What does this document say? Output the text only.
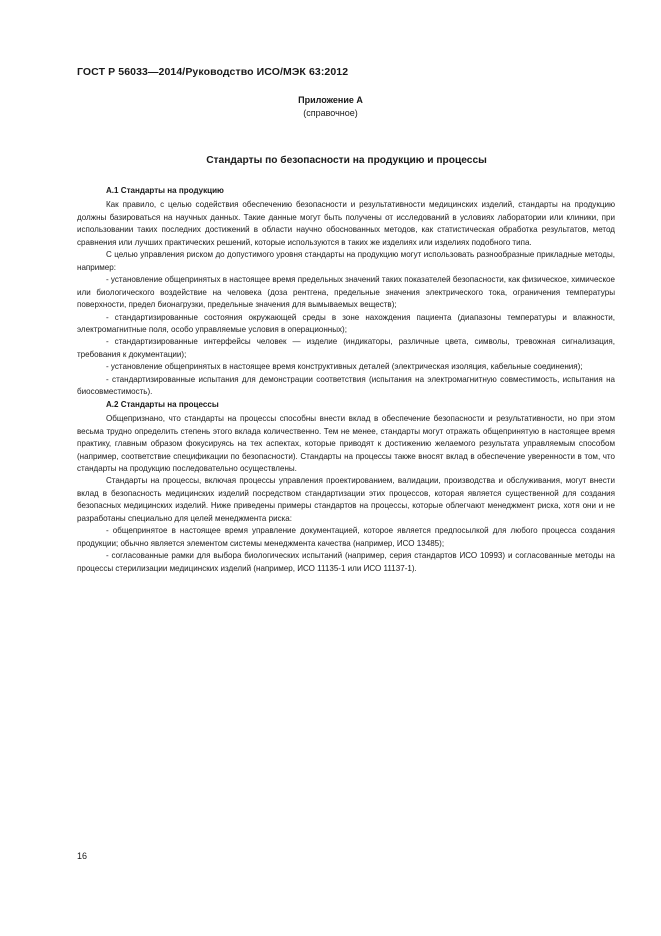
ГОСТ Р 56033—2014/Руководство ИСО/МЭК 63:2012
Приложение А
(справочное)
Стандарты по безопасности на продукцию и процессы

А.1 Стандарты на продукцию

Как правило, с целью содействия обеспечению безопасности и результативности медицинских изделий, стандарты на продукцию должны базироваться на научных данных. Такие данные могут быть получены от исследований в условиях лаборатории или клиники, при использовании таких последних достижений в области научно обоснованных методов, как статистическая обработка результатов, метод сравнения или лучших практических решений, которые используются в таких же изделиях или изделиях подобного типа.

С целью управления риском до допустимого уровня стандарты на продукцию могут использовать разнообразные прикладные методы, например:

- установление общепринятых в настоящее время предельных значений таких показателей безопасности, как физическое, химическое или биологического воздействие на человека (доза рентгена, предельные значения электрического тока, ограничения температуры поверхности, предел бионагрузки, предельные значения для вымываемых веществ);

- стандартизированные состояния окружающей среды в зоне нахождения пациента (диапазоны температуры и влажности, электромагнитные поля, особо управляемые условия в операционных);

- стандартизированные интерфейсы человек — изделие (индикаторы, различные цвета, символы, тревожная сигнализация, требования к документации);

- установление общепринятых в настоящее время конструктивных деталей (электрическая изоляция, кабельные соединения);

- стандартизированные испытания для демонстрации соответствия (испытания на электромагнитную совместимость, испытания на биосовместимость).

А.2 Стандарты на процессы

Общепризнано, что стандарты на процессы способны внести вклад в обеспечение безопасности и результативности, но при этом весьма трудно определить степень этого вклада количественно. Тем не менее, стандарты могут отражать общепринятую в настоящее время практику, главным образом фокусируясь на тех аспектах, которые приводят к достижению желаемого результата управляемым способом (например, соответствие спецификации по безопасности). Стандарты на процессы также вносят вклад в обеспечение уверенности в том, что стандарты на продукцию последовательно осуществлены.

Стандарты на процессы, включая процессы управления проектированием, валидации, производства и обслуживания, могут внести вклад в безопасность медицинских изделий посредством стандартизации этих процессов, которая является существенной для создания безопасных медицинских изделий. Ниже приведены примеры стандартов на процессы, которые облегчают менеджмент риска, хотя они и не разработаны специально для целей менеджмента риска:

- общепринятое в настоящее время управление документацией, которое является предпосылкой для любого процесса создания продукции; обычно является элементом системы менеджмента качества (например, ИСО 13485);

- согласованные рамки для выбора биологических испытаний (например, серия стандартов ИСО 10993) и согласованные методы на процессы стерилизации медицинских изделий (например, ИСО 11135-1 или ИСО 11137-1).

16
